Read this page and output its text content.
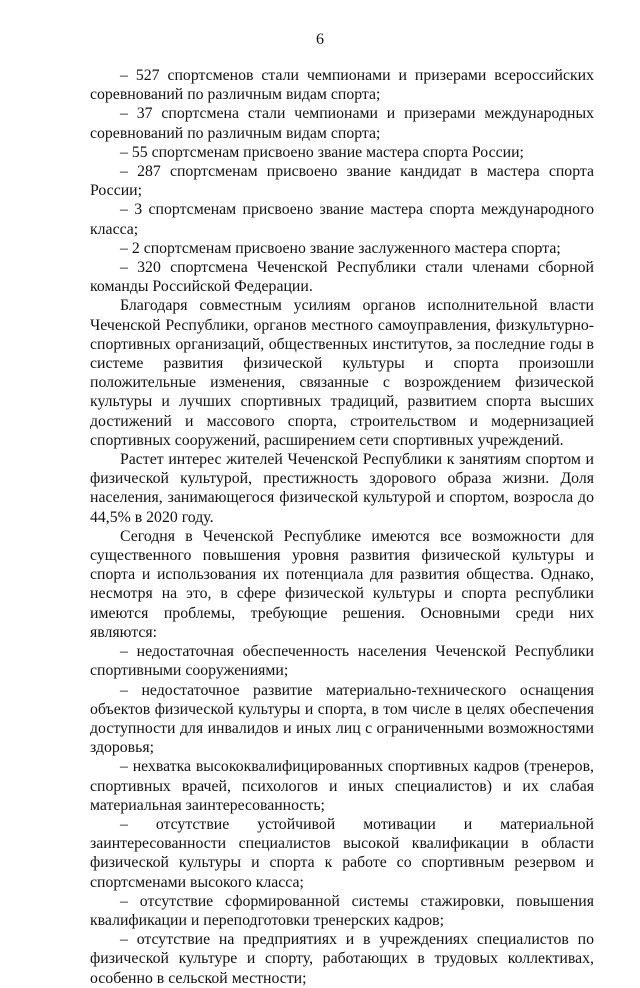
6

– 527 спортсменов стали чемпионами и призерами всероссийских соревнований по различным видам спорта;

– 37 спортсмена стали чемпионами и призерами международных соревнований по различным видам спорта;

– 55 спортсменам присвоено звание мастера спорта России;

– 287 спортсменам присвоено звание кандидат в мастера спорта России;

– 3 спортсменам присвоено звание мастера спорта международного класса;

– 2 спортсменам присвоено звание заслуженного мастера спорта;

– 320 спортсмена Чеченской Республики стали членами сборной команды Российской Федерации.

Благодаря совместным усилиям органов исполнительной власти Чеченской Республики, органов местного самоуправления, физкультурно-спортивных организаций, общественных институтов, за последние годы в системе развития физической культуры и спорта произошли положительные изменения, связанные с возрождением физической культуры и лучших спортивных традиций, развитием спорта высших достижений и массового спорта, строительством и модернизацией спортивных сооружений, расширением сети спортивных учреждений.

Растет интерес жителей Чеченской Республики к занятиям спортом и физической культурой, престижность здорового образа жизни. Доля населения, занимающегося физической культурой и спортом, возросла до 44,5% в 2020 году.

Сегодня в Чеченской Республике имеются все возможности для существенного повышения уровня развития физической культуры и спорта и использования их потенциала для развития общества. Однако, несмотря на это, в сфере физической культуры и спорта республики имеются проблемы, требующие решения. Основными среди них являются:

– недостаточная обеспеченность населения Чеченской Республики спортивными сооружениями;

– недостаточное развитие материально-технического оснащения объектов физической культуры и спорта, в том числе в целях обеспечения доступности для инвалидов и иных лиц с ограниченными возможностями здоровья;

– нехватка высококвалифицированных спортивных кадров (тренеров, спортивных врачей, психологов и иных специалистов) и их слабая материальная заинтересованность;

– отсутствие устойчивой мотивации и материальной заинтересованности специалистов высокой квалификации в области физической культуры и спорта к работе со спортивным резервом и спортсменами высокого класса;

– отсутствие сформированной системы стажировки, повышения квалификации и переподготовки тренерских кадров;

– отсутствие на предприятиях и в учреждениях специалистов по физической культуре и спорту, работающих в трудовых коллективах, особенно в сельской местности;
